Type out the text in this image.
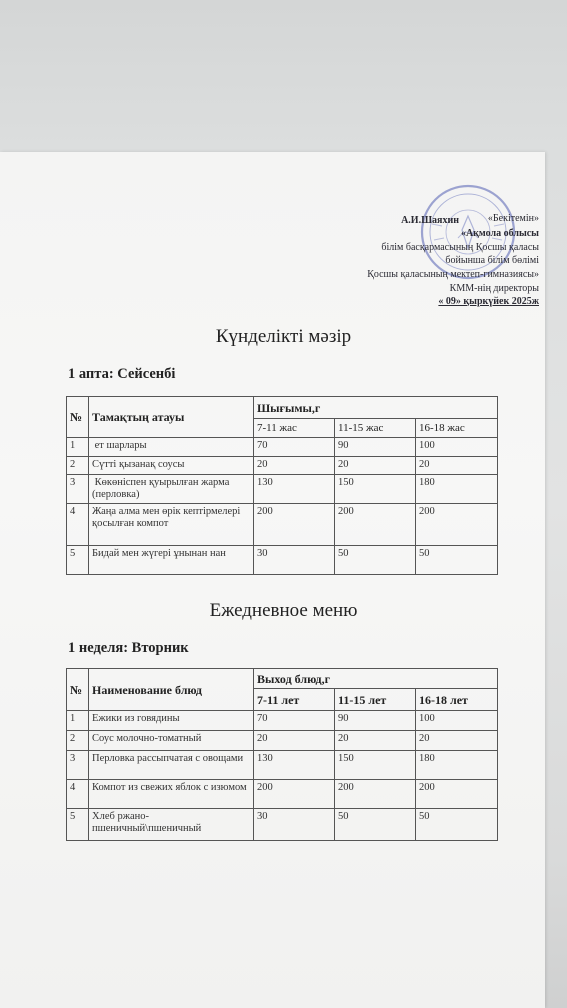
«Бекітемін»
А.И.Шаяхин
«Ақмола облысы
білім басқармасының Қосшы қаласы
бойынша білім бөлімі
Қосшы қаласының мектеп-гимназиясы»
КММ-нің директоры
« 09» қыркүйек 2025ж
Күнделікті мәзір
1 апта: Сейсенбі
№	Тамақтың атауы	Шығымы,г		
		7-11 жас	11-15 жас	16-18 жас
1	ет шарлары	70	90	100
2	Сүтті қызанақ соусы	20	20	20
3	Көкөніспен қуырылған жарма (перловка)	130	150	180
4	Жаңа алма мен өрік кептірмелері қосылған компот	200	200	200
5	Бидай мен жүгері ұнынан нан	30	50	50
Ежедневное меню
1 неделя: Вторник
№	Наименование блюд	Выход блюд,г		
		7-11 лет	11-15 лет	16-18 лет
1	Ежики из говядины	70	90	100
2	Соус молочно-томатный	20	20	20
3	Перловка рассыпчатая с овощами	130	150	180
4	Компот из свежих яблок с изюмом	200	200	200
5	Хлеб ржано-пшеничный\пшеничный	30	50	50
